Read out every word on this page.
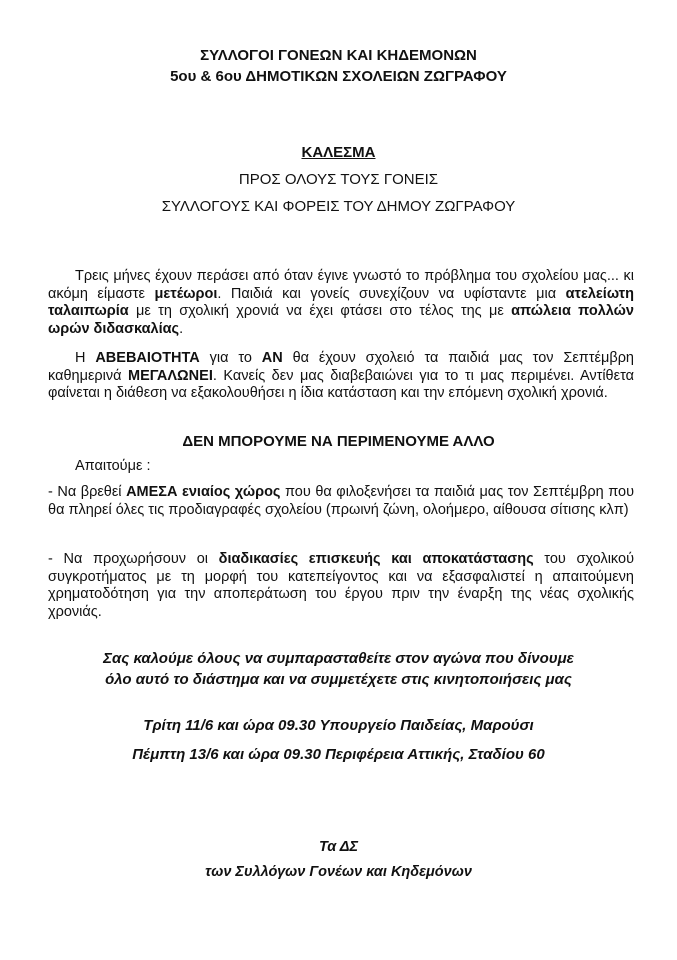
ΣΥΛΛΟΓΟΙ ΓΟΝΕΩΝ ΚΑΙ ΚΗΔΕΜΟΝΩΝ
5ου & 6ου ΔΗΜΟΤΙΚΩΝ ΣΧΟΛΕΙΩΝ ΖΩΓΡΑΦΟΥ
ΚΑΛΕΣΜΑ
ΠΡΟΣ ΟΛΟΥΣ ΤΟΥΣ ΓΟΝΕΙΣ
ΣΥΛΛΟΓΟΥΣ ΚΑΙ ΦΟΡΕΙΣ ΤΟΥ ΔΗΜΟΥ ΖΩΓΡΑΦΟΥ
Τρεις μήνες έχουν περάσει από όταν έγινε γνωστό το πρόβλημα του σχολείου μας... κι ακόμη είμαστε μετέωροι. Παιδιά και γονείς συνεχίζουν να υφίσταντε μια ατελείωτη ταλαιπωρία με τη σχολική χρονιά να έχει φτάσει στο τέλος της με απώλεια πολλών ωρών διδασκαλίας.
Η ΑΒΕΒΑΙΟΤΗΤΑ για το ΑΝ θα έχουν σχολειό τα παιδιά μας τον Σεπτέμβρη καθημερινά ΜΕΓΑΛΩΝΕΙ. Κανείς δεν μας διαβεβαιώνει για το τι μας περιμένει. Αντίθετα φαίνεται η διάθεση να εξακολουθήσει η ίδια κατάσταση και την επόμενη σχολική χρονιά.
ΔΕΝ ΜΠΟΡΟΥΜΕ ΝΑ ΠΕΡΙΜΕΝΟΥΜΕ ΑΛΛΟ
Απαιτούμε :
- Να βρεθεί ΑΜΕΣΑ ενιαίος χώρος που θα φιλοξενήσει τα παιδιά μας τον Σεπτέμβρη που θα πληρεί όλες τις προδιαγραφές σχολείου (πρωινή ζώνη, ολοήμερο, αίθουσα σίτισης κλπ)
- Να προχωρήσουν οι διαδικασίες επισκευής και αποκατάστασης του σχολικού συγκροτήματος με τη μορφή του κατεπείγοντος και να εξασφαλιστεί η απαιτούμενη χρηματοδότηση για την αποπεράτωση του έργου πριν την έναρξη της νέας σχολικής χρονιάς.
Σας καλούμε όλους να συμπαρασταθείτε στον αγώνα που δίνουμε
όλο αυτό το διάστημα και να συμμετέχετε στις κινητοποιήσεις μας
Τρίτη 11/6 και ώρα 09.30 Υπουργείο Παιδείας, Μαρούσι
Πέμπτη 13/6 και ώρα 09.30 Περιφέρεια Αττικής, Σταδίου 60
Τα ΔΣ
των Συλλόγων Γονέων και Κηδεμόνων
